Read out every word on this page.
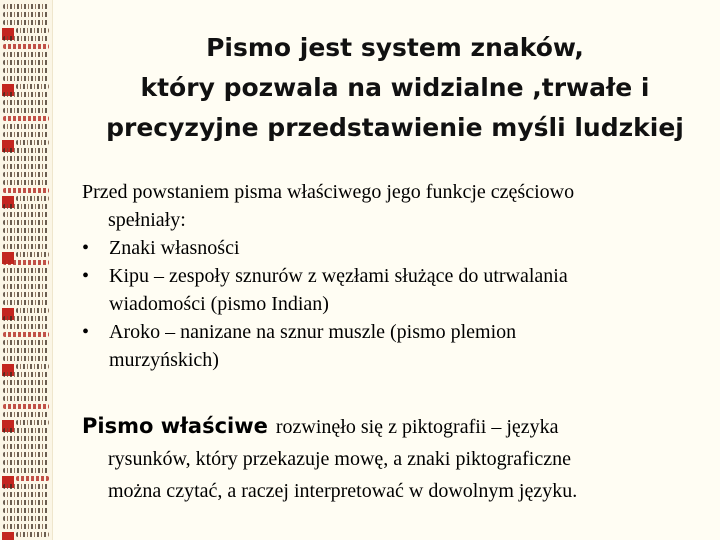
Pismo jest system znaków,
który pozwala na widzialne ,trwałe i
precyzyjne przedstawienie myśli ludzkiej
Przed powstaniem pisma właściwego jego funkcje częściowo
spełniały:
• Znaki własności
• Kipu – zespoły sznurów z węzłami służące do utrwalania
wiadomości (pismo Indian)
• Aroko – nanizane na sznur muszle (pismo plemion
murzyńskich)
Pismo właściwe rozwinęło się z piktografii – języka
rysunków, który przekazuje mowę, a znaki piktograficzne
można czytać, a raczej interpretować w dowolnym języku.
